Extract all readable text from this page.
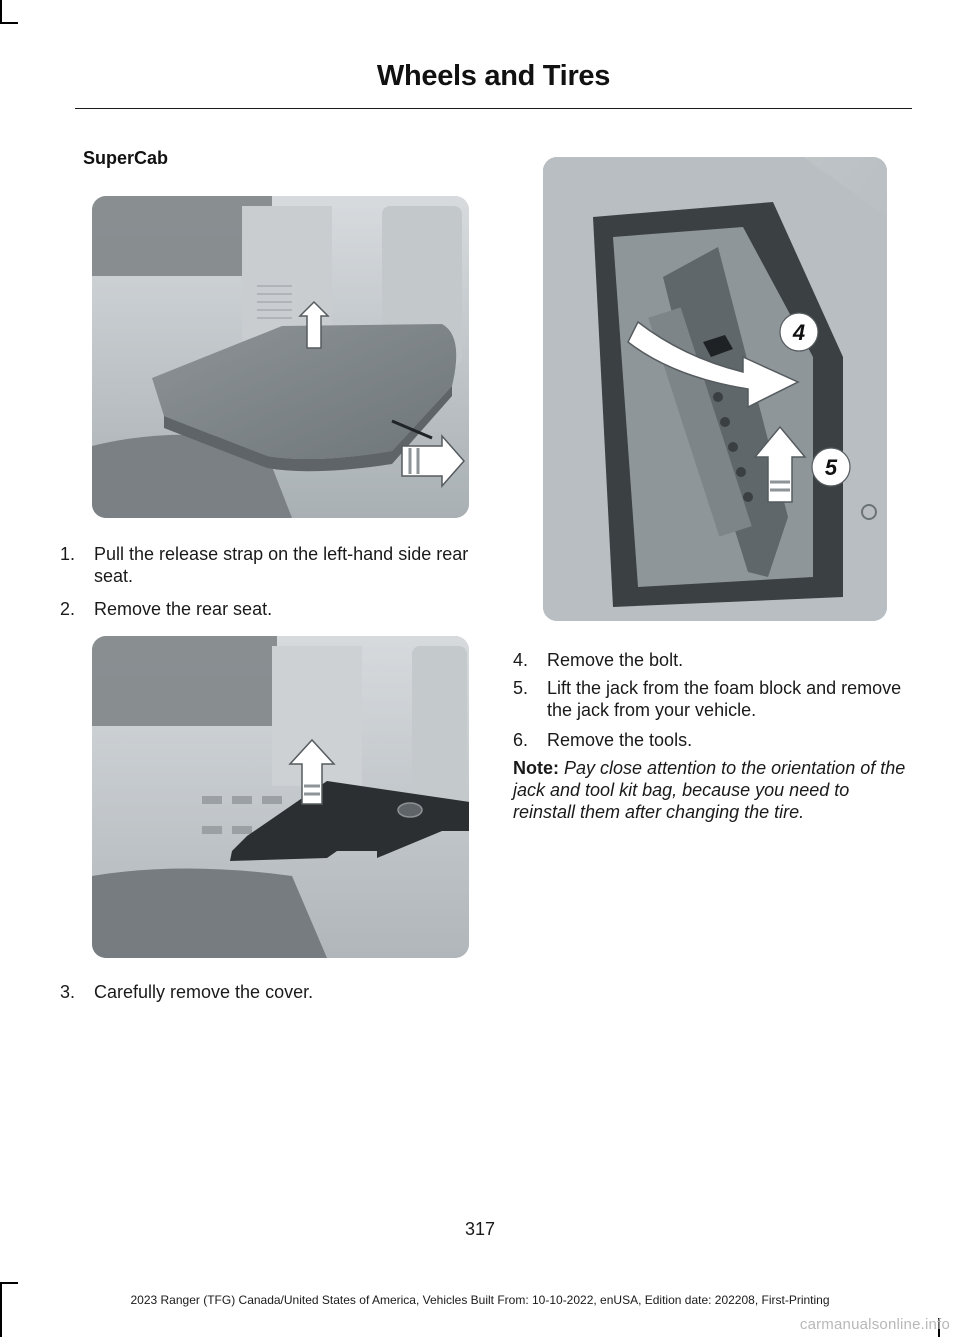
Wheels and Tires
SuperCab
1. Pull the release strap on the left-hand side rear seat.
2. Remove the rear seat.
3. Carefully remove the cover.
4
5
4. Remove the bolt.
5. Lift the jack from the foam block and remove the jack from your vehicle.
6. Remove the tools.
Note: Pay close attention to the orientation of the jack and tool kit bag, because you need to reinstall them after changing the tire.
317
2023 Ranger (TFG) Canada/United States of America, Vehicles Built From: 10-10-2022, enUSA, Edition date: 202208, First-Printing
carmanualsonline.info
